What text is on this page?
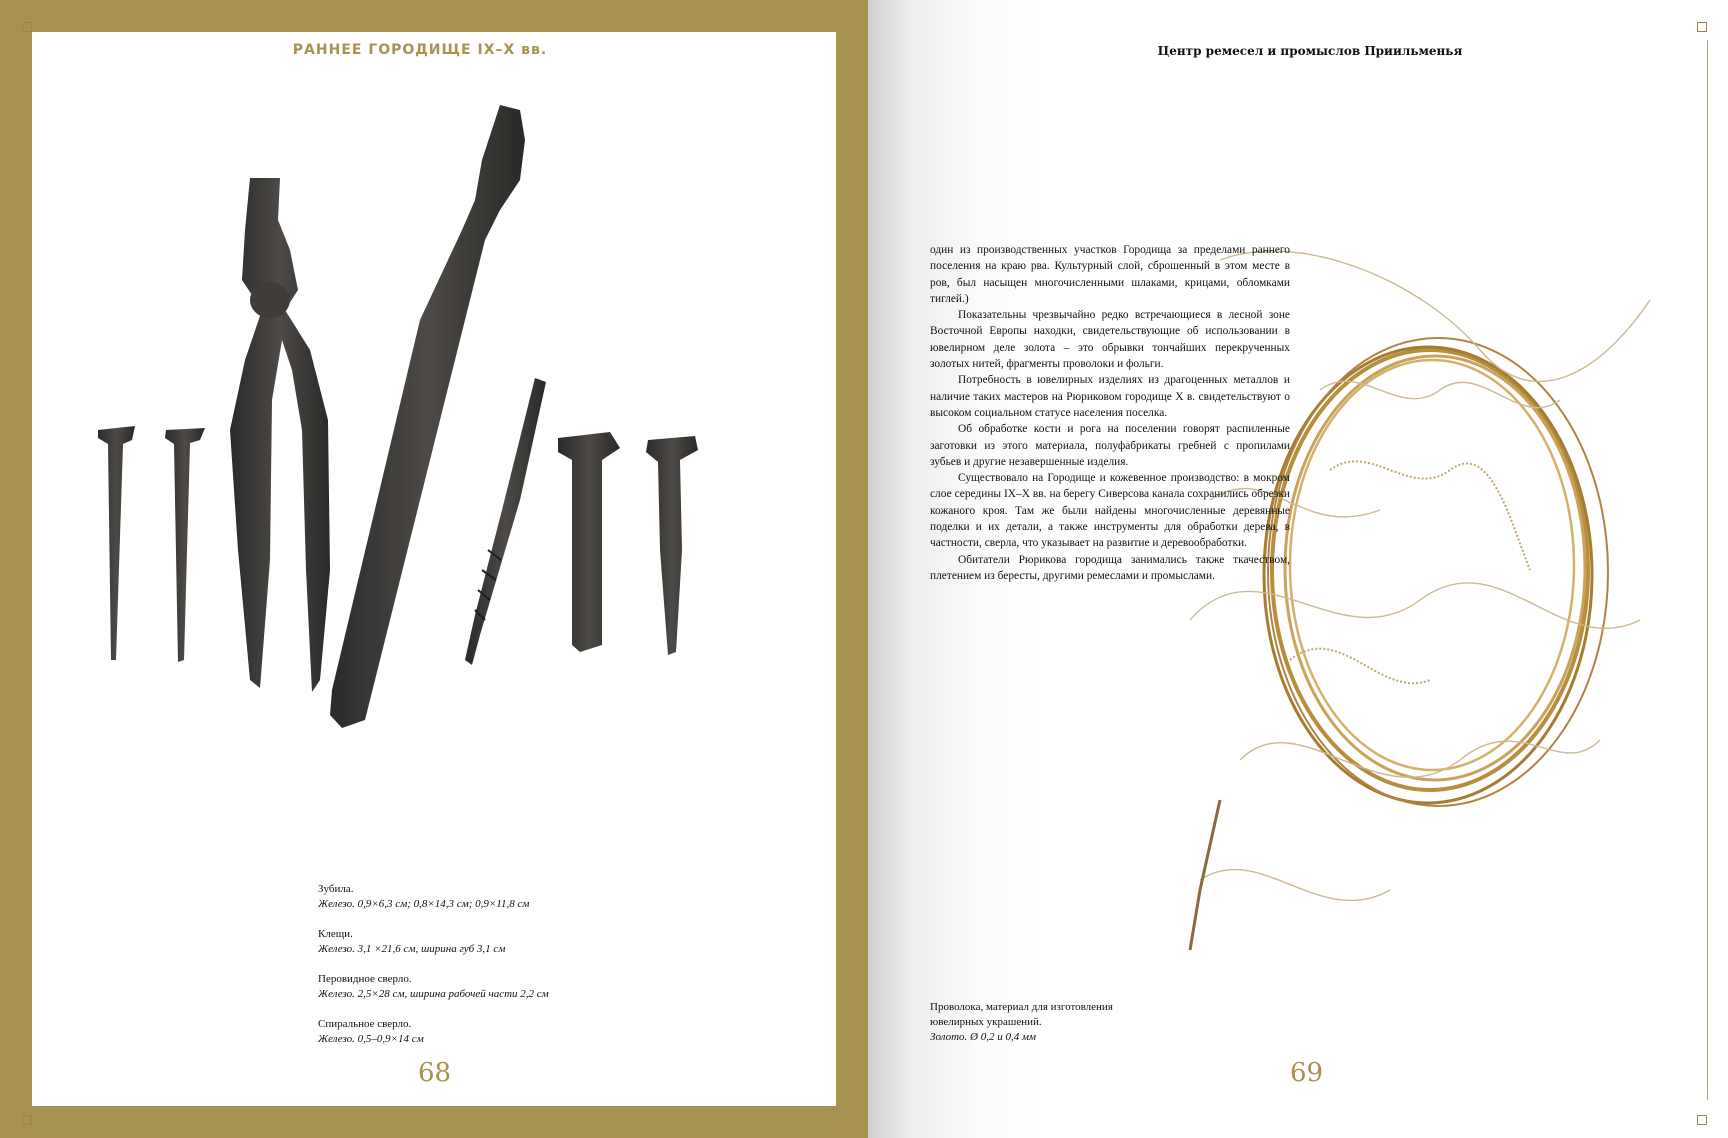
РАННЕЕ ГОРОДИЩЕ IX–X вв.
Зубила.
Железо. 0,9×6,3 см; 0,8×14,3 см; 0,9×11,8 см
Клещи.
Железо. 3,1 ×21,6 см, ширина губ 3,1 см
Перовидное сверло.
Железо. 2,5×28 см, ширина рабочей части 2,2 см
Спиральное сверло.
Железо. 0,5–0,9×14 см
68
Центр ремесел и промыслов Приильменья

один из производственных участков Городища за пределами раннего поселения на краю рва. Культурный слой, сброшенный в этом месте в ров, был насыщен многочисленными шлаками, крицами, обломками тиглей.)

Показательны чрезвычайно редко встречающиеся в лесной зоне Восточной Европы находки, свидетельствующие об использовании в ювелирном деле золота – это обрывки тончайших перекрученных золотых нитей, фрагменты проволоки и фольги.

Потребность в ювелирных изделиях из драгоценных металлов и наличие таких мастеров на Рюриковом городище X в. свидетельствуют о высоком социальном статусе населения поселка.

Об обработке кости и рога на поселении говорят распиленные заготовки из этого материала, полуфабрикаты гребней с пропилами зубьев и другие незавершенные изделия.

Существовало на Городище и кожевенное производство: в мокром слое середины IX–X вв. на берегу Сиверсова канала сохранились обрезки кожаного кроя. Там же были найдены многочисленные деревянные поделки и их детали, а также инструменты для обработки дерева, в частности, сверла, что указывает на развитие и деревообработки.

Обитатели Рюрикова городища занимались также ткачеством, плетением из бересты, другими ремеслами и промыслами.

Проволока, материал для изготовления
ювелирных украшений.
Золото. Ø 0,2 и 0,4 мм
69
